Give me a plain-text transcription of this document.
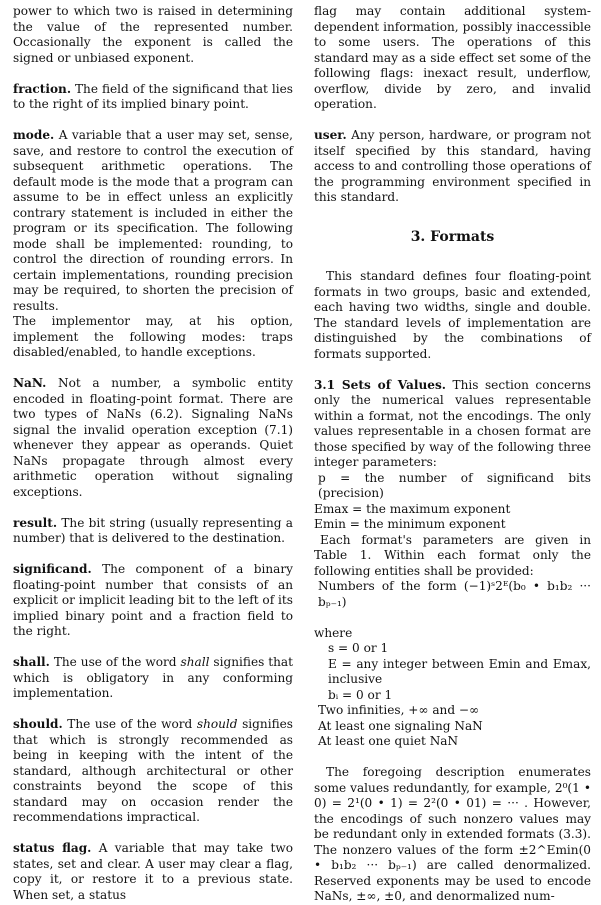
power to which two is raised in determining the value of the represented number. Occasionally the exponent is called the signed or unbiased exponent.

fraction. The field of the significand that lies to the right of its implied binary point.

mode. A variable that a user may set, sense, save, and restore to control the execution of subsequent arithmetic operations. The default mode is the mode that a program can assume to be in effect unless an explicitly contrary statement is included in either the program or its specification. The following mode shall be implemented: rounding, to control the direction of rounding errors. In certain implementations, rounding precision may be required, to shorten the precision of results.

The implementor may, at his option, implement the following modes: traps disabled/enabled, to handle exceptions.

NaN. Not a number, a symbolic entity encoded in floating-point format. There are two types of NaNs (6.2). Signaling NaNs signal the invalid operation exception (7.1) whenever they appear as operands. Quiet NaNs propagate through almost every arithmetic operation without signaling exceptions.

result. The bit string (usually representing a number) that is delivered to the destination.

significand. The component of a binary floating-point number that consists of an explicit or implicit leading bit to the left of its implied binary point and a fraction field to the right.

shall. The use of the word shall signifies that which is obligatory in any conforming implementation.

should. The use of the word should signifies that which is strongly recommended as being in keeping with the intent of the standard, although architectural or other constraints beyond the scope of this standard may on occasion render the recommendations impractical.

status flag. A variable that may take two states, set and clear. A user may clear a flag, copy it, or restore it to a previous state. When set, a status

flag may contain additional system-dependent information, possibly inaccessible to some users. The operations of this standard may as a side effect set some of the following flags: inexact result, underflow, overflow, divide by zero, and invalid operation.

user. Any person, hardware, or program not itself specified by this standard, having access to and controlling those operations of the programming environment specified in this standard.

3. Formats

This standard defines four floating-point formats in two groups, basic and extended, each having two widths, single and double. The standard levels of implementation are distinguished by the combinations of formats supported.

3.1 Sets of Values. This section concerns only the numerical values representable within a format, not the encodings. The only values representable in a chosen format are those specified by way of the following three integer parameters:

p = the number of significand bits (precision)

Emax = the maximum exponent

Emin = the minimum exponent

Each format's parameters are given in Table 1. Within each format only the following entities shall be provided:

Numbers of the form (−1)ˢ2ᴱ(b₀ • b₁b₂ ··· bₚ₋₁)

where

s = 0 or 1

E = any integer between Emin and Emax, inclusive

bᵢ = 0 or 1

Two infinities, +∞ and −∞

At least one signaling NaN

At least one quiet NaN

The foregoing description enumerates some values redundantly, for example, 2⁰(1 • 0) = 2¹(0 • 1) = 2²(0 • 01) = ··· . However, the encodings of such nonzero values may be redundant only in extended formats (3.3). The nonzero values of the form ±2^Emin(0 • b₁b₂ ··· bₚ₋₁) are called denormalized. Reserved exponents may be used to encode NaNs, ±∞, ±0, and denormalized num-
